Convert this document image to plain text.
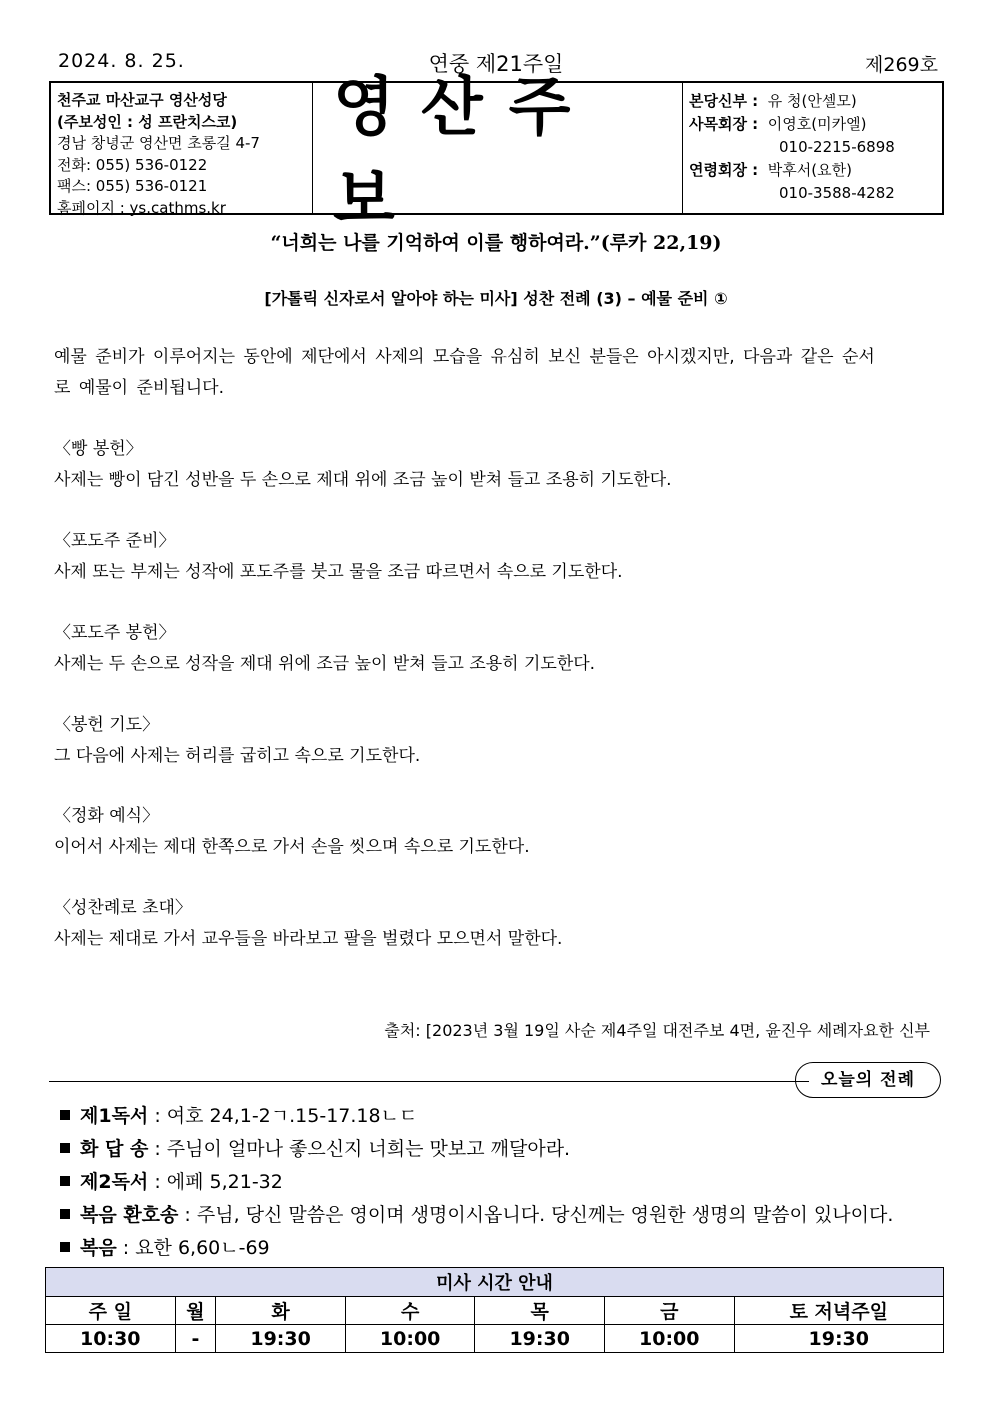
2024. 8. 25.	연중 제21주일	제269호
천주교 마산교구 영산성당
(주보성인 : 성 프란치스코)
경남 창녕군 영산면 초롱길 4-7
전화: 055) 536-0122
팩스: 055) 536-0121
홈페이지 : ys.cathms.kr
영산주보
본당신부 : 유 청(안셀모)
사목회장 : 이영호(미카엘)
010-2215-6898
연령회장 : 박후서(요한)
010-3588-4282
“너희는 나를 기억하여 이를 행하여라.”(루카 22,19)
[가톨릭 신자로서 알아야 하는 미사] 성찬 전례 (3) – 예물 준비 ①
예물 준비가 이루어지는 동안에 제단에서 사제의 모습을 유심히 보신 분들은 아시겠지만, 다음과 같은 순서
로 예물이 준비됩니다.
〈빵 봉헌〉
사제는 빵이 담긴 성반을 두 손으로 제대 위에 조금 높이 받쳐 들고 조용히 기도한다.
〈포도주 준비〉
사제 또는 부제는 성작에 포도주를 붓고 물을 조금 따르면서 속으로 기도한다.
〈포도주 봉헌〉
사제는 두 손으로 성작을 제대 위에 조금 높이 받쳐 들고 조용히 기도한다.
〈봉헌 기도〉
그 다음에 사제는 허리를 굽히고 속으로 기도한다.
〈정화 예식〉
이어서 사제는 제대 한쪽으로 가서 손을 씻으며 속으로 기도한다.
〈성찬례로 초대〉
사제는 제대로 가서 교우들을 바라보고 팔을 벌렸다 모으면서 말한다.
출처: [2023년 3월 19일 사순 제4주일 대전주보 4면, 윤진우 세례자요한 신부
오늘의 전례
제1독서 : 여호 24,1-2ㄱ.15-17.18ㄴㄷ
화 답 송 : 주님이 얼마나 좋으신지 너희는 맛보고 깨달아라.
제2독서 : 에페 5,21-32
복음 환호송 : 주님, 당신 말씀은 영이며 생명이시옵니다. 당신께는 영원한 생명의 말씀이 있나이다.
복음 : 요한 6,60ㄴ-69
미사 시간 안내						
주 일	월	화	수	목	금	토 저녁주일
10:30	-	19:30	10:00	19:30	10:00	19:30
